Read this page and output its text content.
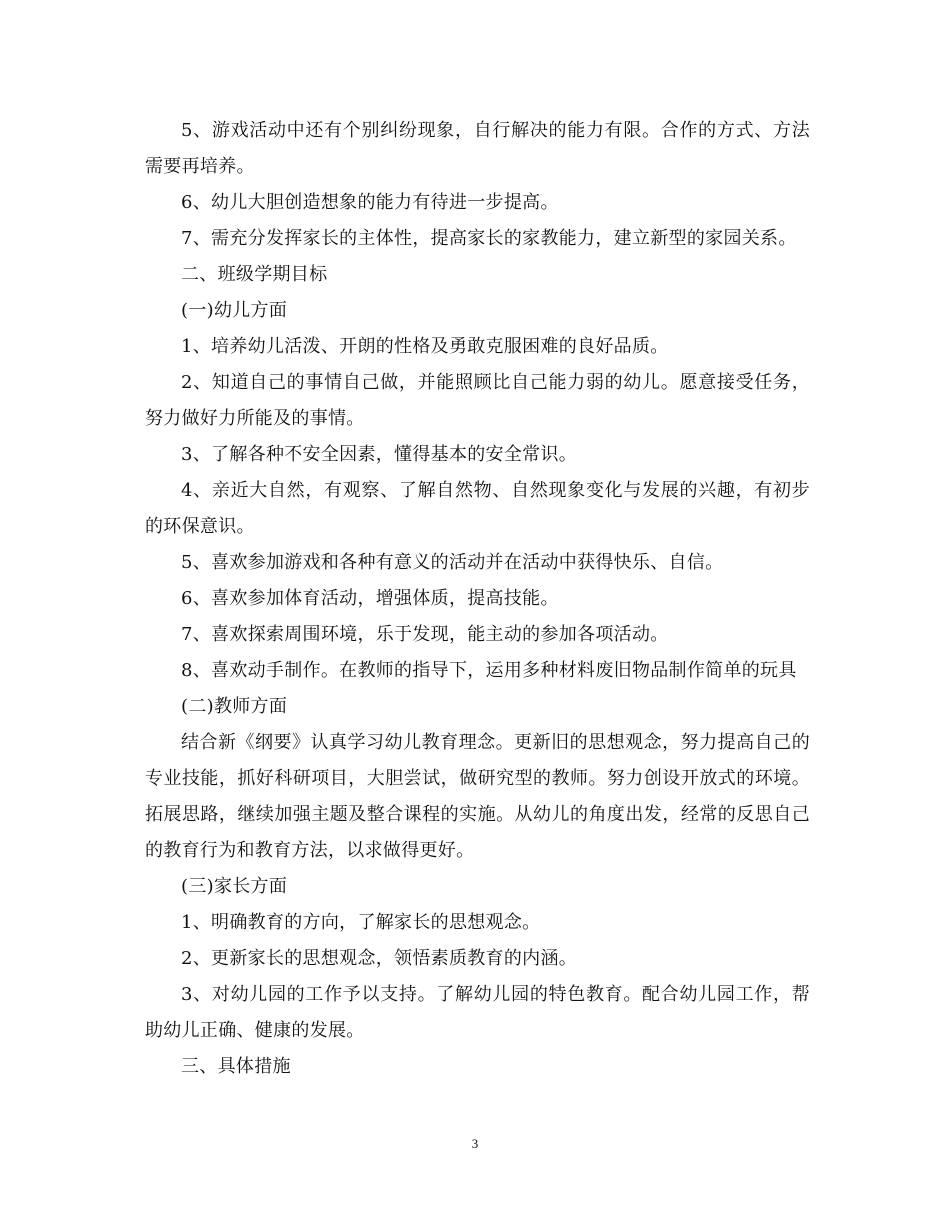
5、游戏活动中还有个别纠纷现象，自行解决的能力有限。合作的方式、方法需要再培养。

6、幼儿大胆创造想象的能力有待进一步提高。

7、需充分发挥家长的主体性，提高家长的家教能力，建立新型的家园关系。

二、班级学期目标

(一)幼儿方面

1、培养幼儿活泼、开朗的性格及勇敢克服困难的良好品质。

2、知道自己的事情自己做，并能照顾比自己能力弱的幼儿。愿意接受任务，努力做好力所能及的事情。

3、了解各种不安全因素，懂得基本的安全常识。

4、亲近大自然，有观察、了解自然物、自然现象变化与发展的兴趣，有初步的环保意识。

5、喜欢参加游戏和各种有意义的活动并在活动中获得快乐、自信。

6、喜欢参加体育活动，增强体质，提高技能。

7、喜欢探索周围环境，乐于发现，能主动的参加各项活动。

8、喜欢动手制作。在教师的指导下，运用多种材料废旧物品制作简单的玩具

(二)教师方面

结合新《纲要》认真学习幼儿教育理念。更新旧的思想观念，努力提高自己的专业技能，抓好科研项目，大胆尝试，做研究型的教师。努力创设开放式的环境。拓展思路，继续加强主题及整合课程的实施。从幼儿的角度出发，经常的反思自己的教育行为和教育方法，以求做得更好。

(三)家长方面

1、明确教育的方向，了解家长的思想观念。

2、更新家长的思想观念，领悟素质教育的内涵。

3、对幼儿园的工作予以支持。了解幼儿园的特色教育。配合幼儿园工作，帮助幼儿正确、健康的发展。

三、具体措施

3
